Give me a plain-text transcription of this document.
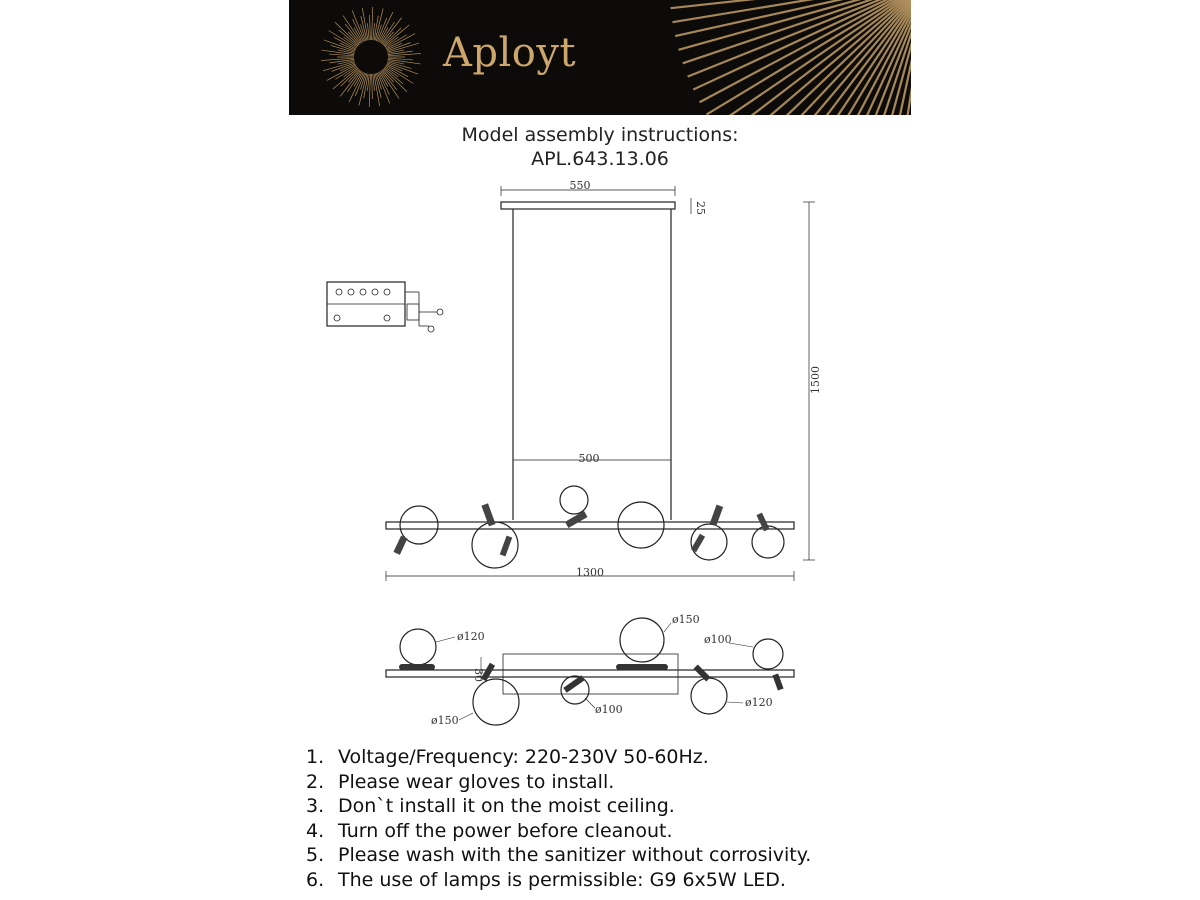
Aployt
Model assembly instructions:
APL.643.13.06
550
25
1500
500
1300
30
ø120
ø150
ø100
ø150
ø100
ø120
1. Voltage/Frequency: 220-230V 50-60Hz.
2. Please wear gloves to install.
3. Don`t install it on the moist ceiling.
4. Turn off the power before cleanout.
5. Please wash with the sanitizer without corrosivity.
6. The use of lamps is permissible: G9 6x5W LED.
